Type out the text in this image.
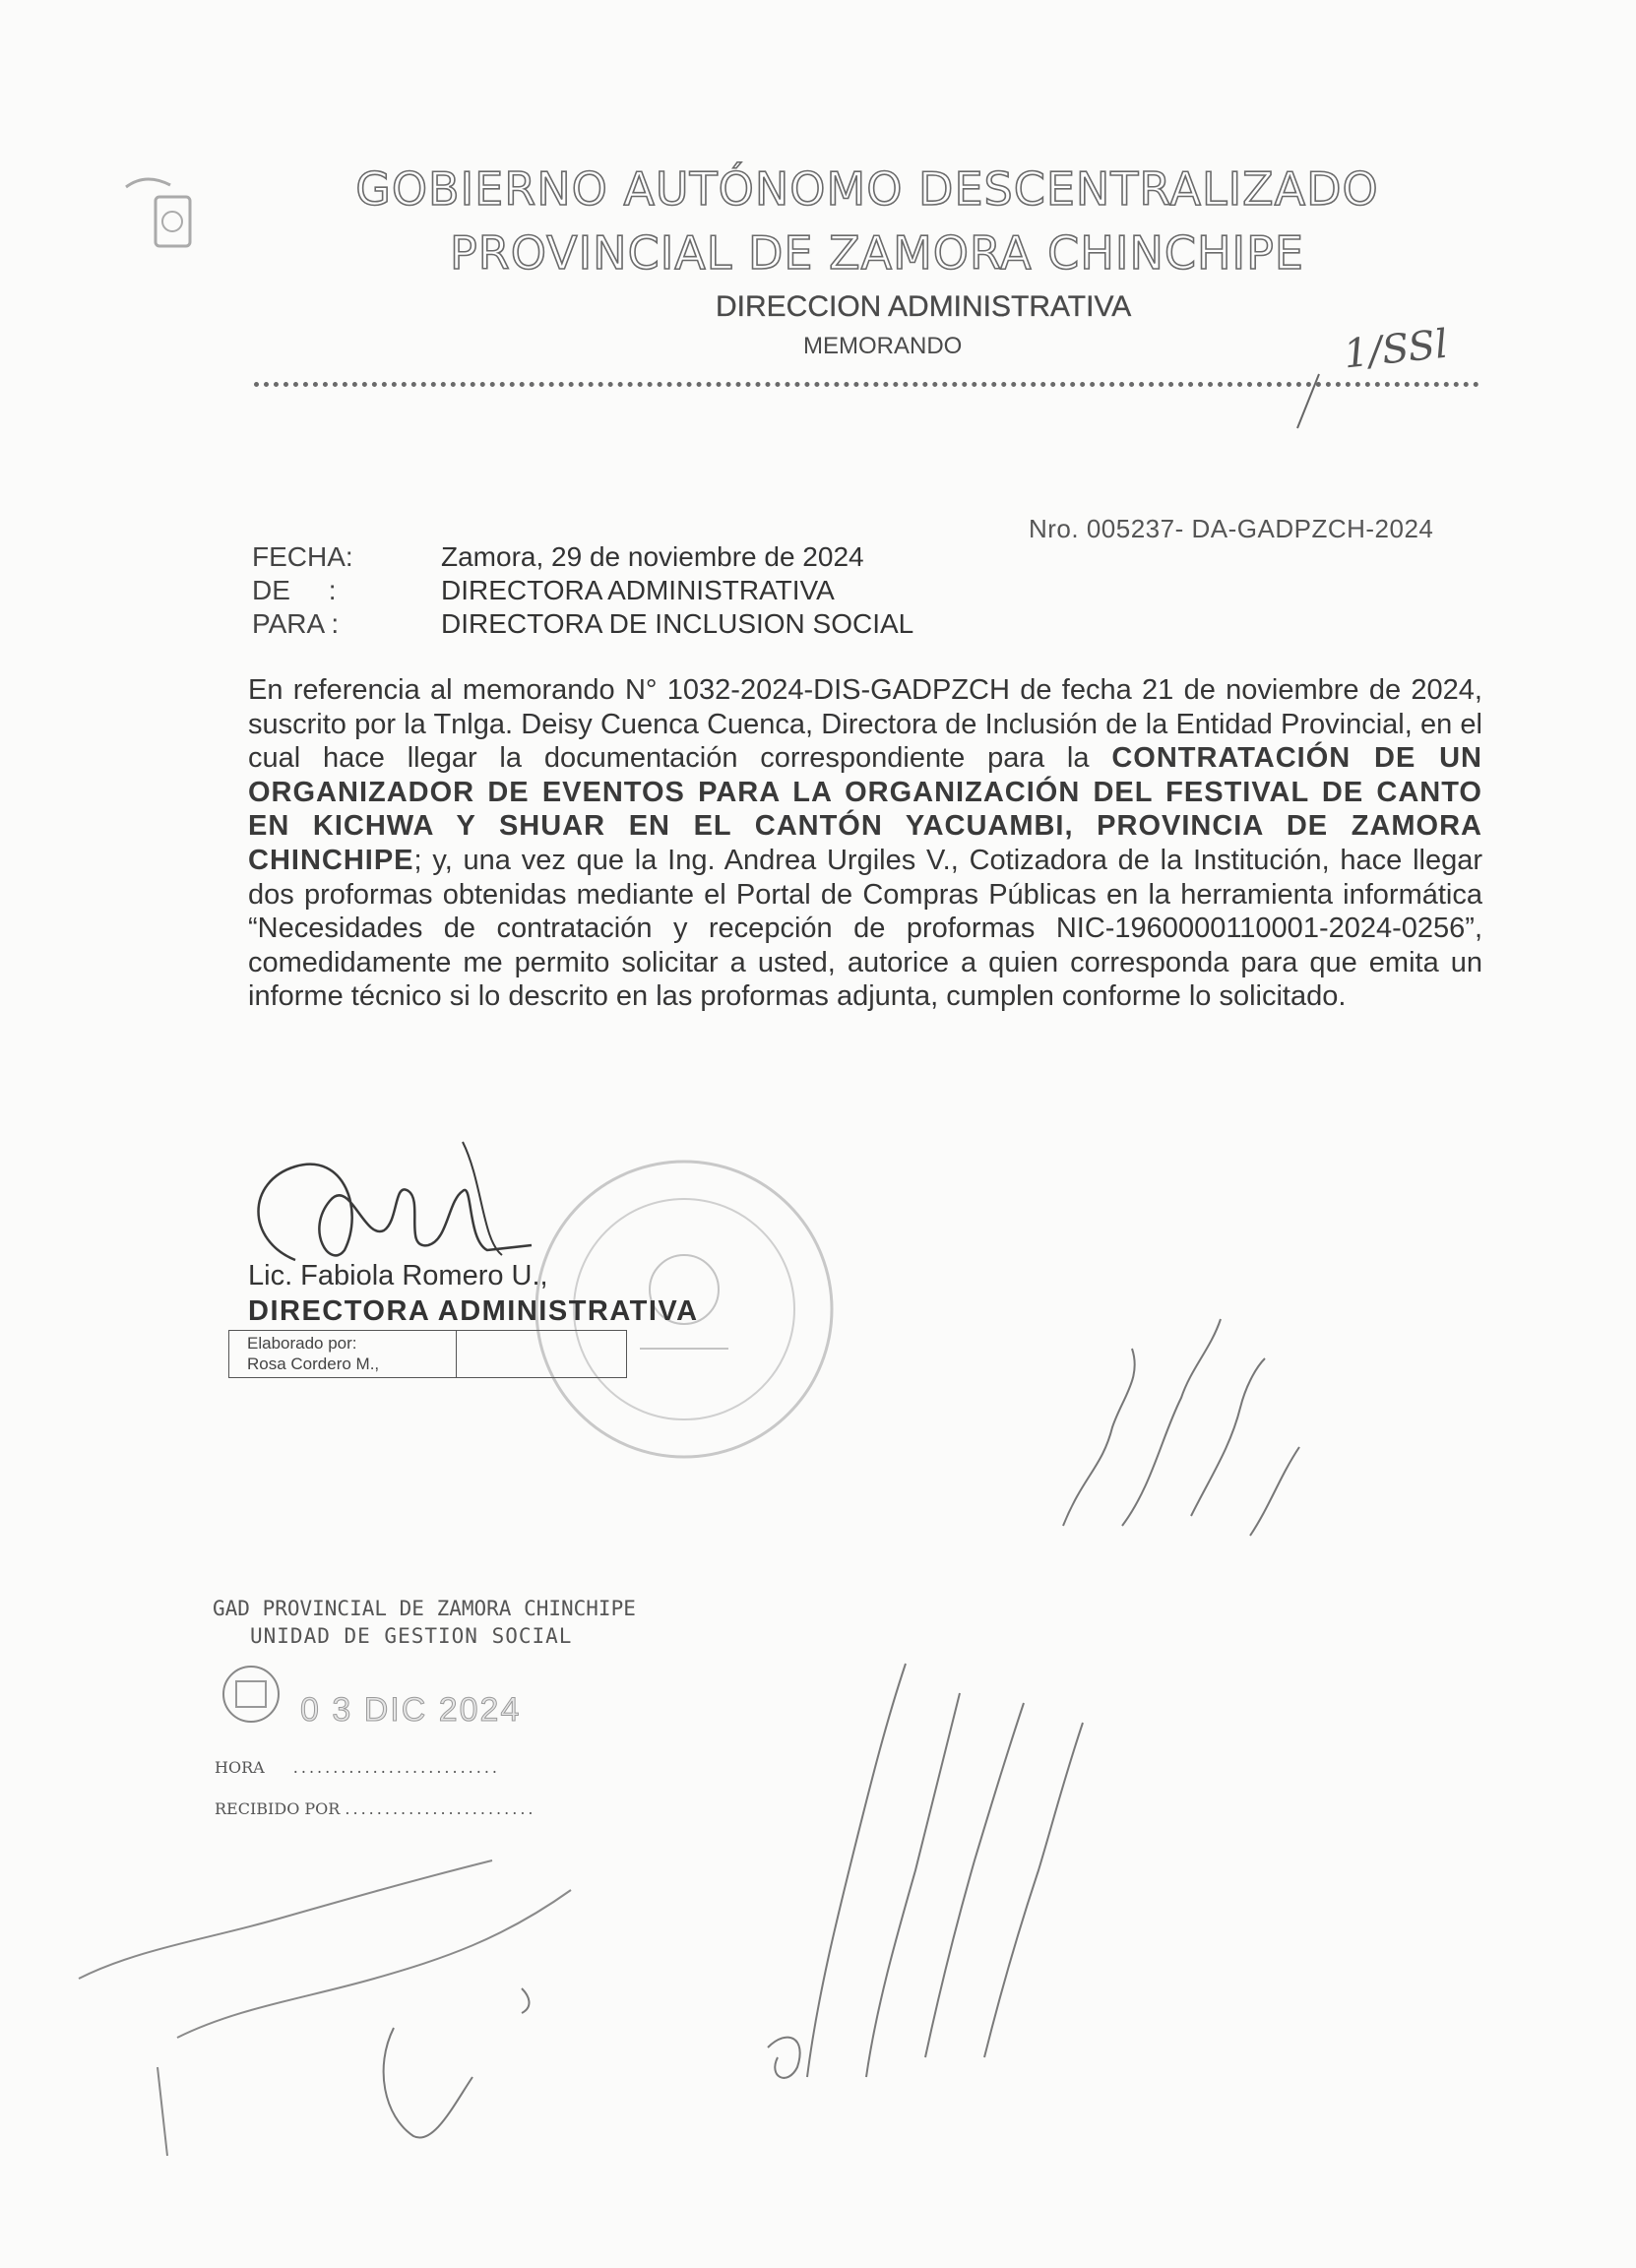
GOBIERNO AUTÓNOMO DESCENTRALIZADO
PROVINCIAL DE ZAMORA CHINCHIPE
DIRECCION ADMINISTRATIVA
MEMORANDO	1/SSl
Nro. 005237- DA-GADPZCH-2024
FECHA:	Zamora, 29 de noviembre de 2024
DE     :	DIRECTORA ADMINISTRATIVA
PARA :	DIRECTORA DE INCLUSION SOCIAL
En referencia al memorando N° 1032-2024-DIS-GADPZCH de fecha 21 de noviembre de 2024, suscrito por la Tnlga. Deisy Cuenca Cuenca, Directora de Inclusión de la Entidad Provincial, en el cual hace llegar la documentación correspondiente para la CONTRATACIÓN DE UN ORGANIZADOR DE EVENTOS PARA LA ORGANIZACIÓN DEL FESTIVAL DE CANTO EN KICHWA Y SHUAR EN EL CANTÓN YACUAMBI, PROVINCIA DE ZAMORA CHINCHIPE; y, una vez que la Ing. Andrea Urgiles V., Cotizadora de la Institución, hace llegar dos proformas obtenidas mediante el Portal de Compras Públicas en la herramienta informática “Necesidades de contratación y recepción de proformas NIC-1960000110001-2024-0256”, comedidamente me permito solicitar a usted, autorice a quien corresponda para que emita un informe técnico si lo descrito en las proformas adjunta, cumplen conforme lo solicitado.
Lic. Fabiola Romero U.,
DIRECTORA ADMINISTRATIVA
Elaborado por:
Rosa Cordero M.,
GAD PROVINCIAL DE ZAMORA CHINCHIPE
UNIDAD DE GESTION SOCIAL
0 3 DIC 2024
HORA ..........................
RECIBIDO POR ........................
